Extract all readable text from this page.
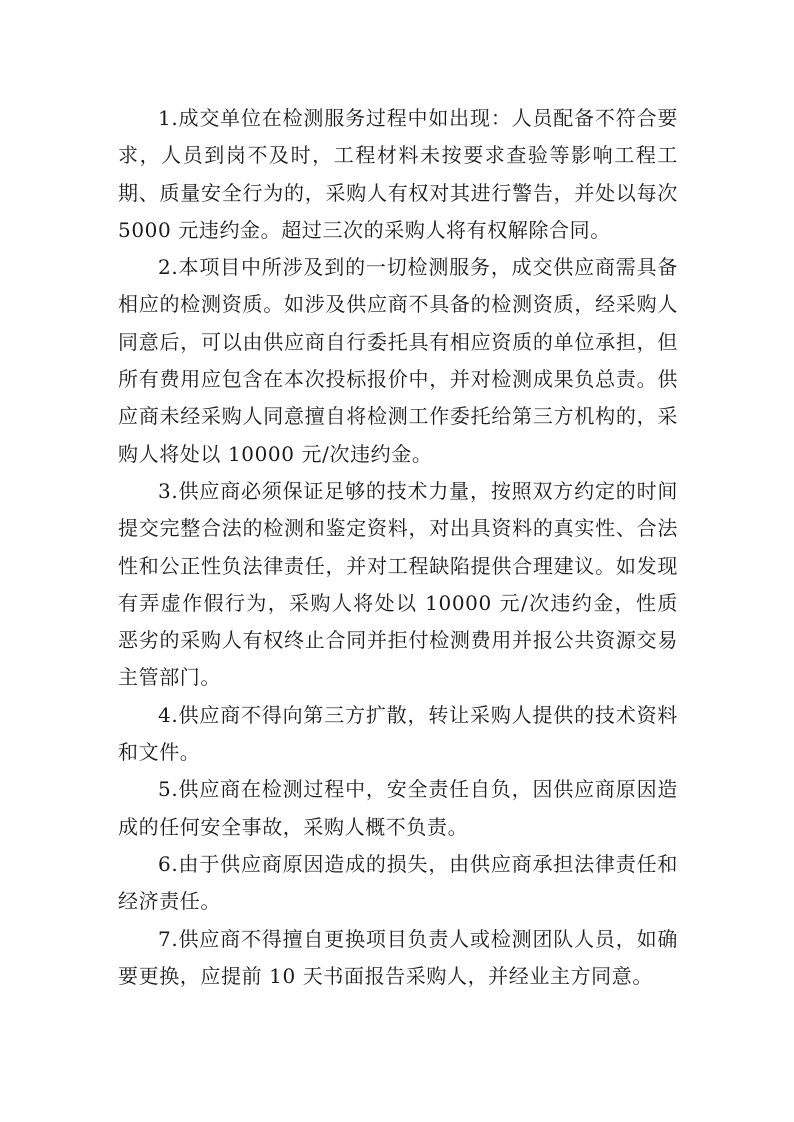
1.成交单位在检测服务过程中如出现：人员配备不符合要求，人员到岗不及时，工程材料未按要求查验等影响工程工期、质量安全行为的，采购人有权对其进行警告，并处以每次 5000 元违约金。超过三次的采购人将有权解除合同。

2.本项目中所涉及到的一切检测服务，成交供应商需具备相应的检测资质。如涉及供应商不具备的检测资质，经采购人同意后，可以由供应商自行委托具有相应资质的单位承担，但所有费用应包含在本次投标报价中，并对检测成果负总责。供应商未经采购人同意擅自将检测工作委托给第三方机构的，采购人将处以 10000 元/次违约金。

3.供应商必须保证足够的技术力量，按照双方约定的时间提交完整合法的检测和鉴定资料，对出具资料的真实性、合法性和公正性负法律责任，并对工程缺陷提供合理建议。如发现有弄虚作假行为，采购人将处以 10000 元/次违约金，性质恶劣的采购人有权终止合同并拒付检测费用并报公共资源交易主管部门。

4.供应商不得向第三方扩散，转让采购人提供的技术资料和文件。

5.供应商在检测过程中，安全责任自负，因供应商原因造成的任何安全事故，采购人概不负责。

6.由于供应商原因造成的损失，由供应商承担法律责任和经济责任。

7.供应商不得擅自更换项目负责人或检测团队人员，如确要更换，应提前 10 天书面报告采购人，并经业主方同意。
